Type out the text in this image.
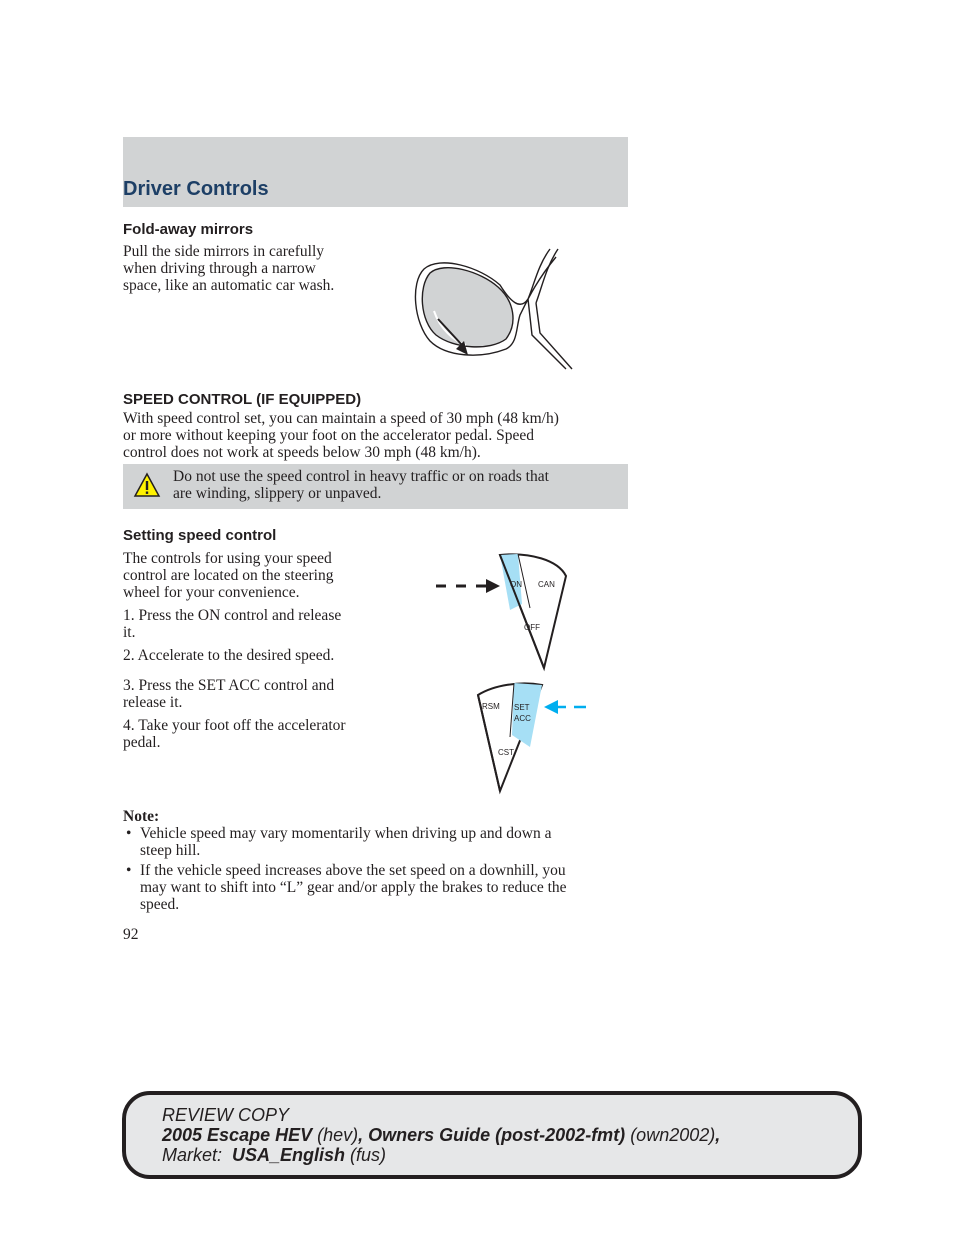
Driver Controls
Fold-away mirrors
Pull the side mirrors in carefully
when driving through a narrow
space, like an automatic car wash.
SPEED CONTROL (IF EQUIPPED)
With speed control set, you can maintain a speed of 30 mph (48 km/h)
or more without keeping your foot on the accelerator pedal. Speed
control does not work at speeds below 30 mph (48 km/h).
Do not use the speed control in heavy traffic or on roads that
are winding, slippery or unpaved.
Setting speed control

The controls for using your speed
control are located on the steering
wheel for your convenience.

1. Press the ON control and release
it.

2. Accelerate to the desired speed.

3. Press the SET ACC control and
release it.

4. Take your foot off the accelerator
pedal.

ON CAN
OFF
RSM SET
ACC
CST
Note:
• Vehicle speed may vary momentarily when driving up and down a
steep hill.
• If the vehicle speed increases above the set speed on a downhill, you
may want to shift into “L” gear and/or apply the brakes to reduce the
speed.
92
REVIEW COPY
2005 Escape HEV (hev), Owners Guide (post-2002-fmt) (own2002),
Market:  USA_English (fus)
